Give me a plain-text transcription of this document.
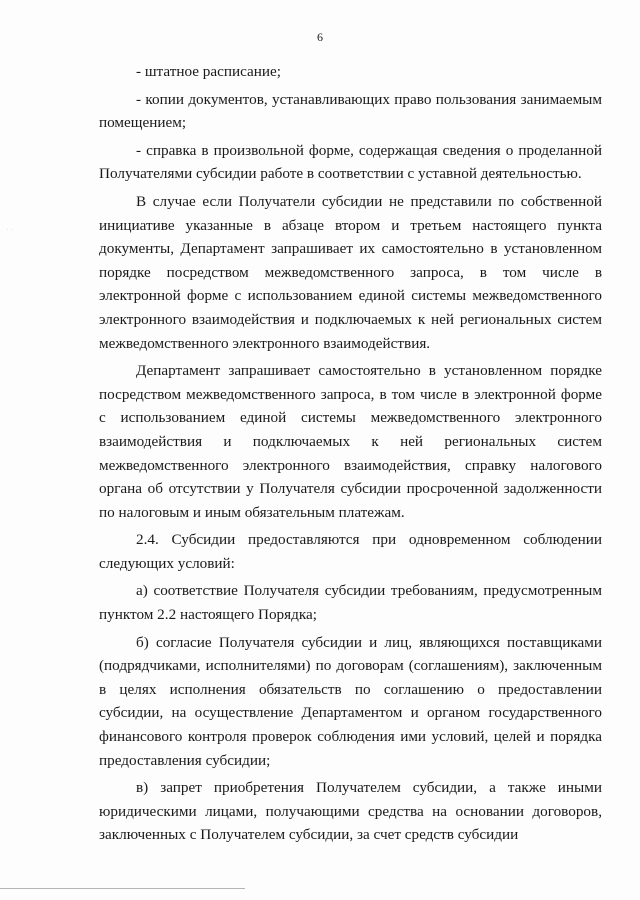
6

- штатное расписание;

- копии документов, устанавливающих право пользования занимаемым помещением;

- справка в произвольной форме, содержащая сведения о проделанной Получателями субсидии работе в соответствии с уставной деятельностью.

В случае если Получатели субсидии не представили по собственной инициативе указанные в абзаце втором и третьем настоящего пункта документы, Департамент запрашивает их самостоятельно в установленном порядке посредством межведомственного запроса, в том числе в электронной форме с использованием единой системы межведомственного электронного взаимодействия и подключаемых к ней региональных систем межведомственного электронного взаимодействия.

Департамент запрашивает самостоятельно в установленном порядке посредством межведомственного запроса, в том числе в электронной форме с использованием единой системы межведомственного электронного взаимодействия и подключаемых к ней региональных систем межведомственного электронного взаимодействия, справку налогового органа об отсутствии у Получателя субсидии просроченной задолженности по налоговым и иным обязательным платежам.

2.4. Субсидии предоставляются при одновременном соблюдении следующих условий:

а) соответствие Получателя субсидии требованиям, предусмотренным пунктом 2.2 настоящего Порядка;

б) согласие Получателя субсидии и лиц, являющихся поставщиками (подрядчиками, исполнителями) по договорам (соглашениям), заключенным в целях исполнения обязательств по соглашению о предоставлении субсидии, на осуществление Департаментом и органом государственного финансового контроля проверок соблюдения ими условий, целей и порядка предоставления субсидии;

в) запрет приобретения Получателем субсидии, а также иными юридическими лицами, получающими средства на основании договоров, заключенных с Получателем субсидии, за счет средств субсидии

ˈ ˈ
